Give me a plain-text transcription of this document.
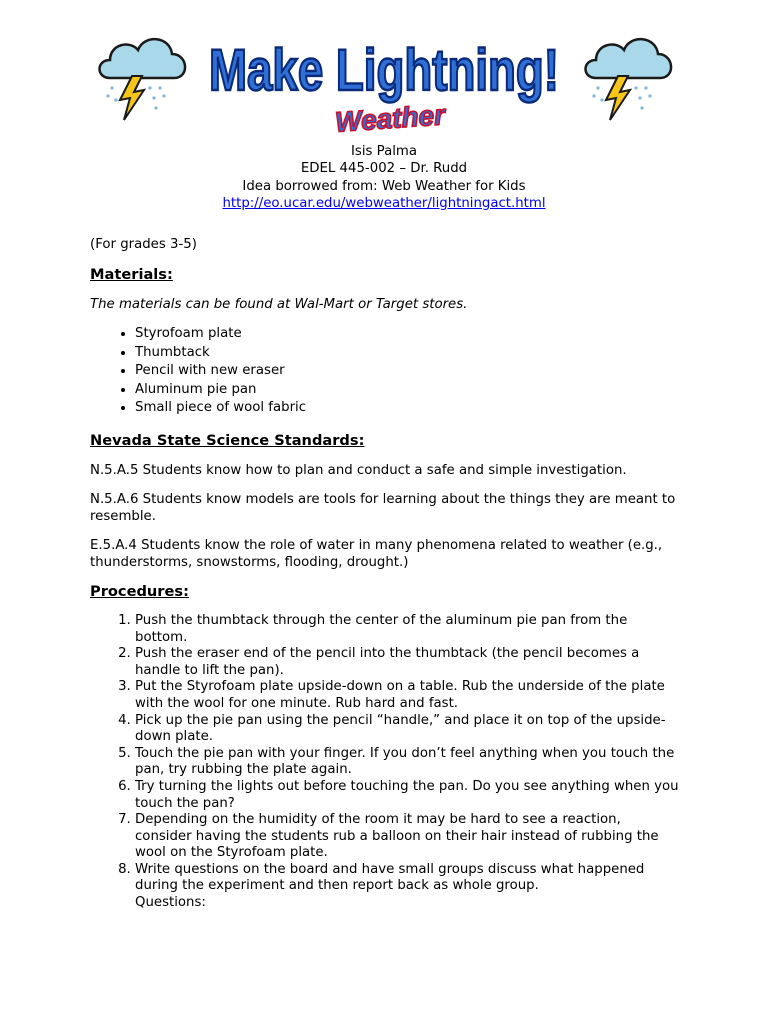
Make Lightning!
Weather
Isis Palma
EDEL 445-002 – Dr. Rudd
Idea borrowed from: Web Weather for Kids
http://eo.ucar.edu/webweather/lightningact.html

(For grades 3-5)

Materials:

The materials can be found at Wal-Mart or Target stores.

• Styrofoam plate
• Thumbtack
• Pencil with new eraser
• Aluminum pie pan
• Small piece of wool fabric
Nevada State Science Standards:

N.5.A.5 Students know how to plan and conduct a safe and simple investigation.

N.5.A.6 Students know models are tools for learning about the things they are meant to resemble.

E.5.A.4 Students know the role of water in many phenomena related to weather (e.g., thunderstorms, snowstorms, flooding, drought.)

Procedures:
1. Push the thumbtack through the center of the aluminum pie pan from the bottom.
2. Push the eraser end of the pencil into the thumbtack (the pencil becomes a handle to lift the pan).
3. Put the Styrofoam plate upside-down on a table. Rub the underside of the plate with the wool for one minute. Rub hard and fast.
4. Pick up the pie pan using the pencil “handle,” and place it on top of the upside-down plate.
5. Touch the pie pan with your finger. If you don’t feel anything when you touch the pan, try rubbing the plate again.
6. Try turning the lights out before touching the pan. Do you see anything when you touch the pan?
7. Depending on the humidity of the room it may be hard to see a reaction, consider having the students rub a balloon on their hair instead of rubbing the wool on the Styrofoam plate.
8. Write questions on the board and have small groups discuss what happened during the experiment and then report back as whole group.
Questions:
